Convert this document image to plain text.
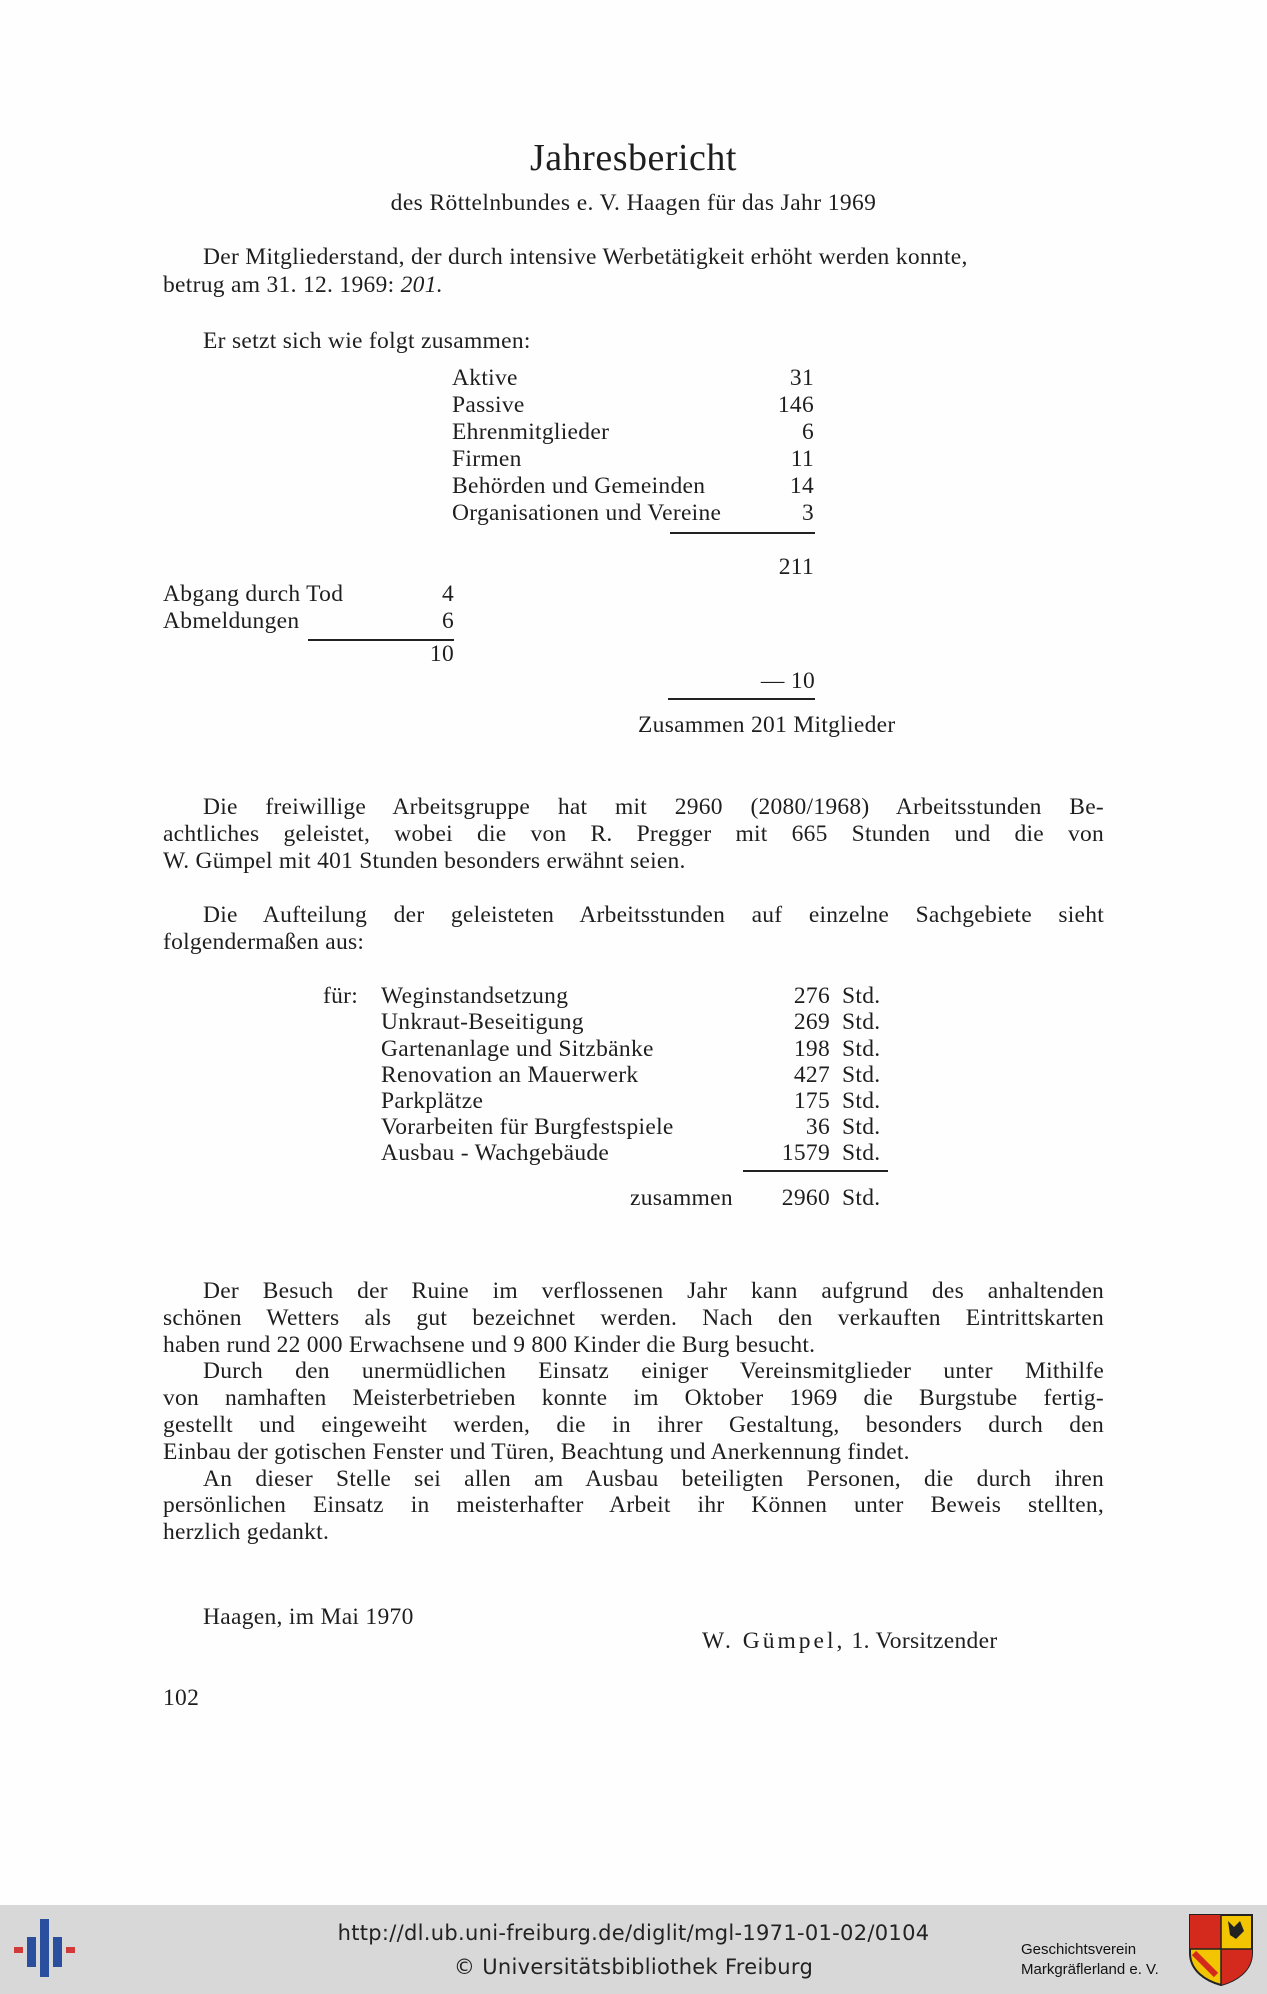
Jahresbericht
des Röttelnbundes e. V. Haagen für das Jahr 1969
Der Mitgliederstand, der durch intensive Werbetätigkeit erhöht werden konnte,
betrug am 31. 12. 1969: 201.
Er setzt sich wie folgt zusammen:
Aktive	31
Passive	146
Ehrenmitglieder	6
Firmen	11
Behörden und Gemeinden	14
Organisationen und Vereine	3
211
Abgang durch Tod	4
Abmeldungen	6
10
— 10
Zusammen 201 Mitglieder
Die freiwillige Arbeitsgruppe hat mit 2960 (2080/1968) Arbeitsstunden Be-
achtliches geleistet, wobei die von R. Pregger mit 665 Stunden und die von
W. Gümpel mit 401 Stunden besonders erwähnt seien.
Die Aufteilung der geleisteten Arbeitsstunden auf einzelne Sachgebiete sieht
folgendermaßen aus:
für: Weginstandsetzung	276 Std.
Unkraut-Beseitigung	269 Std.
Gartenanlage und Sitzbänke	198 Std.
Renovation an Mauerwerk	427 Std.
Parkplätze	175 Std.
Vorarbeiten für Burgfestspiele	36 Std.
Ausbau - Wachgebäude	1579 Std.
zusammen	2960 Std.
Der Besuch der Ruine im verflossenen Jahr kann aufgrund des anhaltenden
schönen Wetters als gut bezeichnet werden. Nach den verkauften Eintrittskarten
haben rund 22 000 Erwachsene und 9 800 Kinder die Burg besucht.
Durch den unermüdlichen Einsatz einiger Vereinsmitglieder unter Mithilfe
von namhaften Meisterbetrieben konnte im Oktober 1969 die Burgstube fertig-
gestellt und eingeweiht werden, die in ihrer Gestaltung, besonders durch den
Einbau der gotischen Fenster und Türen, Beachtung und Anerkennung findet.
An dieser Stelle sei allen am Ausbau beteiligten Personen, die durch ihren
persönlichen Einsatz in meisterhafter Arbeit ihr Können unter Beweis stellten,
herzlich gedankt.
Haagen, im Mai 1970
W. Gümpel, 1. Vorsitzender
102
http://dl.ub.uni-freiburg.de/diglit/mgl-1971-01-02/0104
© Universitätsbibliothek Freiburg
Geschichtsverein
Markgräflerland e. V.
